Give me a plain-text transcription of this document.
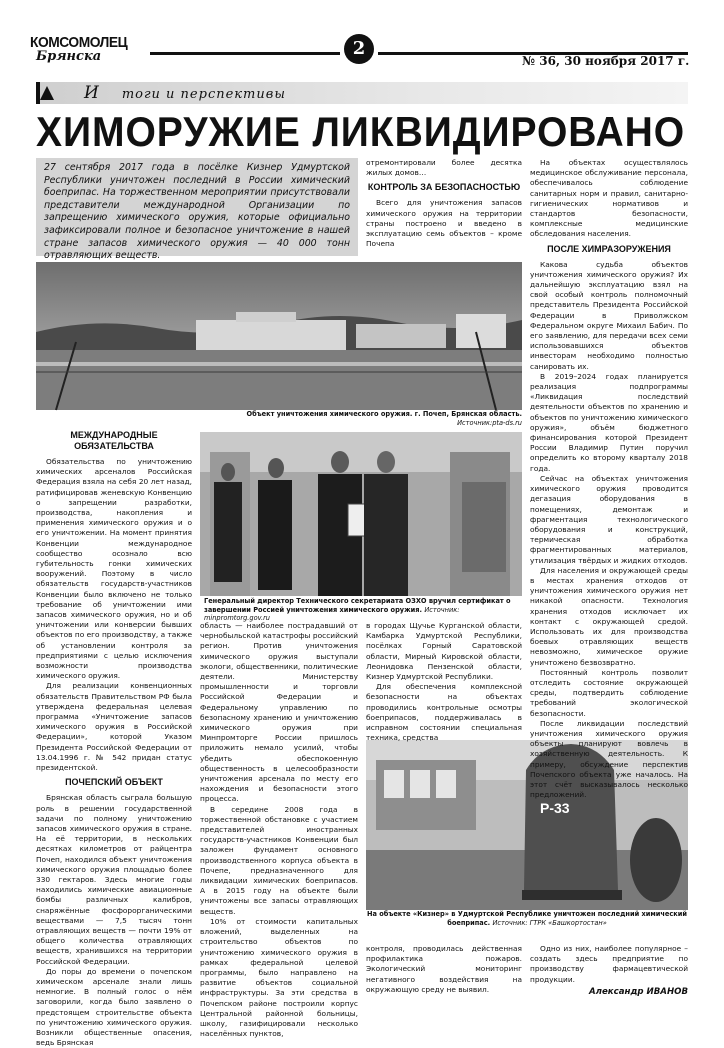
КОМСОМОЛЕЦ
Брянска	2
№ 36, 30 ноября 2017 г.
И тоги и перспективы
ХИМОРУЖИЕ ЛИКВИДИРОВАНО

27 сентября 2017 года в посёлке Кизнер Удмуртской Республики уничтожен последний в России химический боеприпас. На торжественном мероприятии присутствовали представители международной Организации по запрещению химического оружия, которые официально зафиксировали полное и безопасное уничтожение в нашей стране запасов химического оружия — 40 000 тонн отравляющих веществ.

Объект уничтожения химического оружия. г. Почеп, Брянская область. Источник:pta-ds.ru
Генеральный директор Технического секретариата ОЗХО вручил сертификат о завершении Россией уничтожения химического оружия. Источник: minpromtorg.gov.ru
P-33
На объекте «Кизнер» в Удмуртской Республике уничтожен последний химический боеприпас. Источник: ГТРК «Башкортостан»
МЕЖДУНАРОДНЫЕ ОБЯЗАТЕЛЬСТВА

Обязательства по уничтожению химических арсеналов Российская Федерация взяла на себя 20 лет назад, ратифицировав женевскую Конвенцию о запрещении разработки, производства, накопления и применения химического оружия и о его уничтожении. На момент принятия Конвенции международное сообщество осознало всю губительность гонки химических вооружений. Поэтому в число обязательств государств-участников Конвенции было включено не только требование об уничтожении ими запасов химического оружия, но и об уничтожении или конверсии бывших объектов по его производству, а также об установлении контроля за предприятиями с целью исключения возможности производства химического оружия.

Для реализации конвенционных обязательств Правительством РФ была утверждена федеральная целевая программа «Уничтожение запасов химического оружия в Российской Федерации», которой Указом Президента Российской Федерации от 13.04.1996 г. № 542 придан статус президентской.

ПОЧЕПСКИЙ ОБЪЕКТ

Брянская область сыграла большую роль в решении государственной задачи по полному уничтожению запасов химического оружия в стране. На её территории, в нескольких десятках километров от райцентра Почеп, находился объект уничтожения химического оружия площадью более 330 гектаров. Здесь многие годы находились химические авиационные бомбы различных калибров, снаряжённые фосфорорганическими веществами — 7,5 тысяч тонн отравляющих веществ — почти 19% от общего количества отравляющих веществ, хранившихся на территории Российской Федерации.

До поры до времени о почепском химическом арсенале знали лишь немногие. В полный голос о нём заговорили, когда было заявлено о предстоящем строительстве объекта по уничтожению химического оружия. Возникли общественные опасения, ведь Брянская

область — наиболее пострадавший от чернобыльской катастрофы российский регион. Против уничтожения химического оружия выступали экологи, общественники, политические деятели. Министерству промышленности и торговли Российской Федерации и Федеральному управлению по безопасному хранению и уничтожению химического оружия при Минпромторге России пришлось приложить немало усилий, чтобы убедить обеспокоенную общественность в целесообразности уничтожения арсенала по месту его нахождения и безопасности этого процесса.

В середине 2008 года в торжественной обстановке с участием представителей иностранных государств-участников Конвенции был заложен фундамент основного производственного корпуса объекта в Почепе, предназначенного для ликвидации химических боеприпасов. А в 2015 году на объекте были уничтожены все запасы отравляющих веществ.

10% от стоимости капитальных вложений, выделенных на строительство объектов по уничтожению химического оружия в рамках федеральной целевой программы, было направлено на развитие объектов социальной инфраструктуры. За эти средства в Почепском районе построили корпус Центральной районной больницы, школу, газифицировали несколько населённых пунктов,

отремонтировали более десятка жилых домов…

КОНТРОЛЬ ЗА БЕЗОПАСНОСТЬЮ

Всего для уничтожения запасов химического оружия на территории страны построено и введено в эксплуатацию семь объектов – кроме Почепа

в городах Щучье Курганской области, Камбарка Удмуртской Республики, посёлках Горный Саратовской области, Мирный Кировской области, Леонидовка Пензенской области, Кизнер Удмуртской Республики.

Для обеспечения комплексной безопасности на объектах проводились контрольные осмотры боеприпасов, поддерживалась в исправном состоянии специальная техника, средства

контроля, проводилась действенная профилактика пожаров. Экологический мониторинг негативного воздействия на окружающую среду не выявил.

На объектах осуществлялось медицинское обслуживание персонала, обеспечивалось соблюдение санитарных норм и правил, санитарно-гигиенических нормативов и стандартов безопасности, комплексные медицинские обследования населения.

ПОСЛЕ ХИМРАЗОРУЖЕНИЯ

Какова судьба объектов уничтожения химического оружия? Их дальнейшую эксплуатацию взял на свой особый контроль полномочный представитель Президента Российской Федерации в Приволжском Федеральном округе Михаил Бабич. По его заявлению, для передачи всех семи использовавшихся объектов инвесторам необходимо полностью санировать их.

В 2019–2024 годах планируется реализация подпрограммы «Ликвидация последствий деятельности объектов по хранению и объектов по уничтожению химического оружия», объём бюджетного финансирования которой Президент России Владимир Путин поручил определить ко второму кварталу 2018 года.

Сейчас на объектах уничтожения химического оружия проводится дегазация оборудования в помещениях, демонтаж и фрагментация технологического оборудования и конструкций, термическая обработка фрагментированных материалов, утилизация твёрдых и жидких отходов.

Для населения и окружающей среды в местах хранения отходов от уничтожения химического оружия нет никакой опасности. Технология хранения отходов исключает их контакт с окружающей средой. Использовать их для производства боевых отравляющих веществ невозможно, химическое оружие уничтожено безвозвратно.

Постоянный контроль позволит отследить состояние окружающей среды, подтвердить соблюдение требований экологической безопасности.

После ликвидации последствий уничтожения химического оружия объекты планируют вовлечь в хозяйственную деятельность. К примеру, обсуждение перспектив Почепского объекта уже началось. На этот счёт высказывалось несколько предложений.

Одно из них, наиболее популярное – создать здесь предприятие по производству фармацевтической продукции.

Александр ИВАНОВ
